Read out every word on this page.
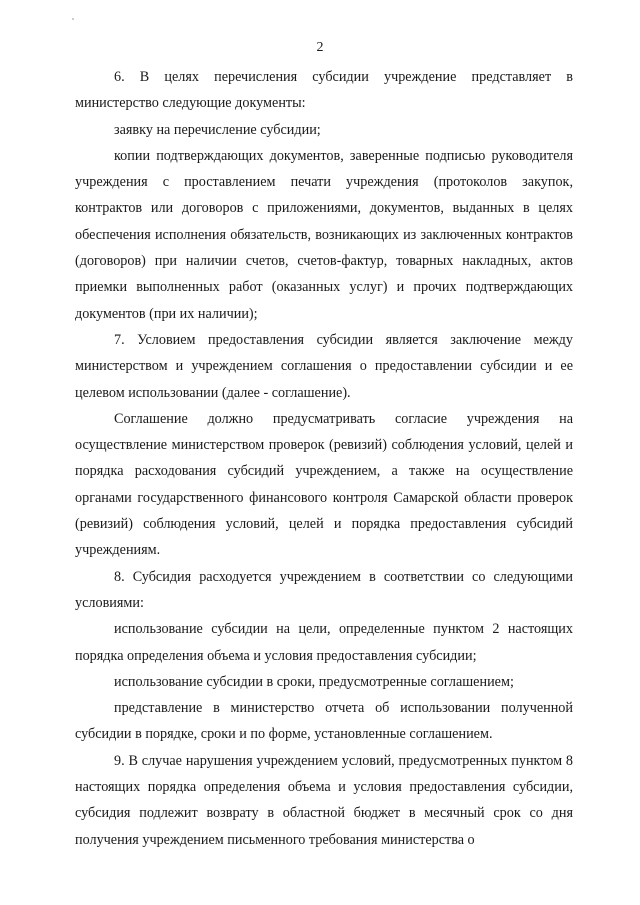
2

6. В целях перечисления субсидии учреждение представляет в министерство следующие документы:

заявку на перечисление субсидии;

копии подтверждающих документов, заверенные подписью руководителя учреждения с проставлением печати учреждения (протоколов закупок, контрактов или договоров с приложениями, документов, выданных в целях обеспечения исполнения обязательств, возникающих из заключенных контрактов (договоров) при наличии счетов, счетов-фактур, товарных накладных, актов приемки выполненных работ (оказанных услуг) и прочих подтверждающих документов (при их наличии);

7. Условием предоставления субсидии является заключение между министерством и учреждением соглашения о предоставлении субсидии и ее целевом использовании (далее - соглашение).

Соглашение должно предусматривать согласие учреждения на осуществление министерством проверок (ревизий) соблюдения условий, целей и порядка расходования субсидий учреждением, а также на осуществление органами государственного финансового контроля Самарской области проверок (ревизий) соблюдения условий, целей и порядка предоставления субсидий учреждениям.

8. Субсидия расходуется учреждением в соответствии со следующими условиями:

использование субсидии на цели, определенные пунктом 2 настоящих порядка определения объема и условия предоставления субсидии;

использование субсидии в сроки, предусмотренные соглашением;

представление в министерство отчета об использовании полученной субсидии в порядке, сроки и по форме, установленные соглашением.

9. В случае нарушения учреждением условий, предусмотренных пунктом 8 настоящих порядка определения объема и условия предоставления субсидии, субсидия подлежит возврату в областной бюджет в месячный срок со дня получения учреждением письменного требования министерства о
